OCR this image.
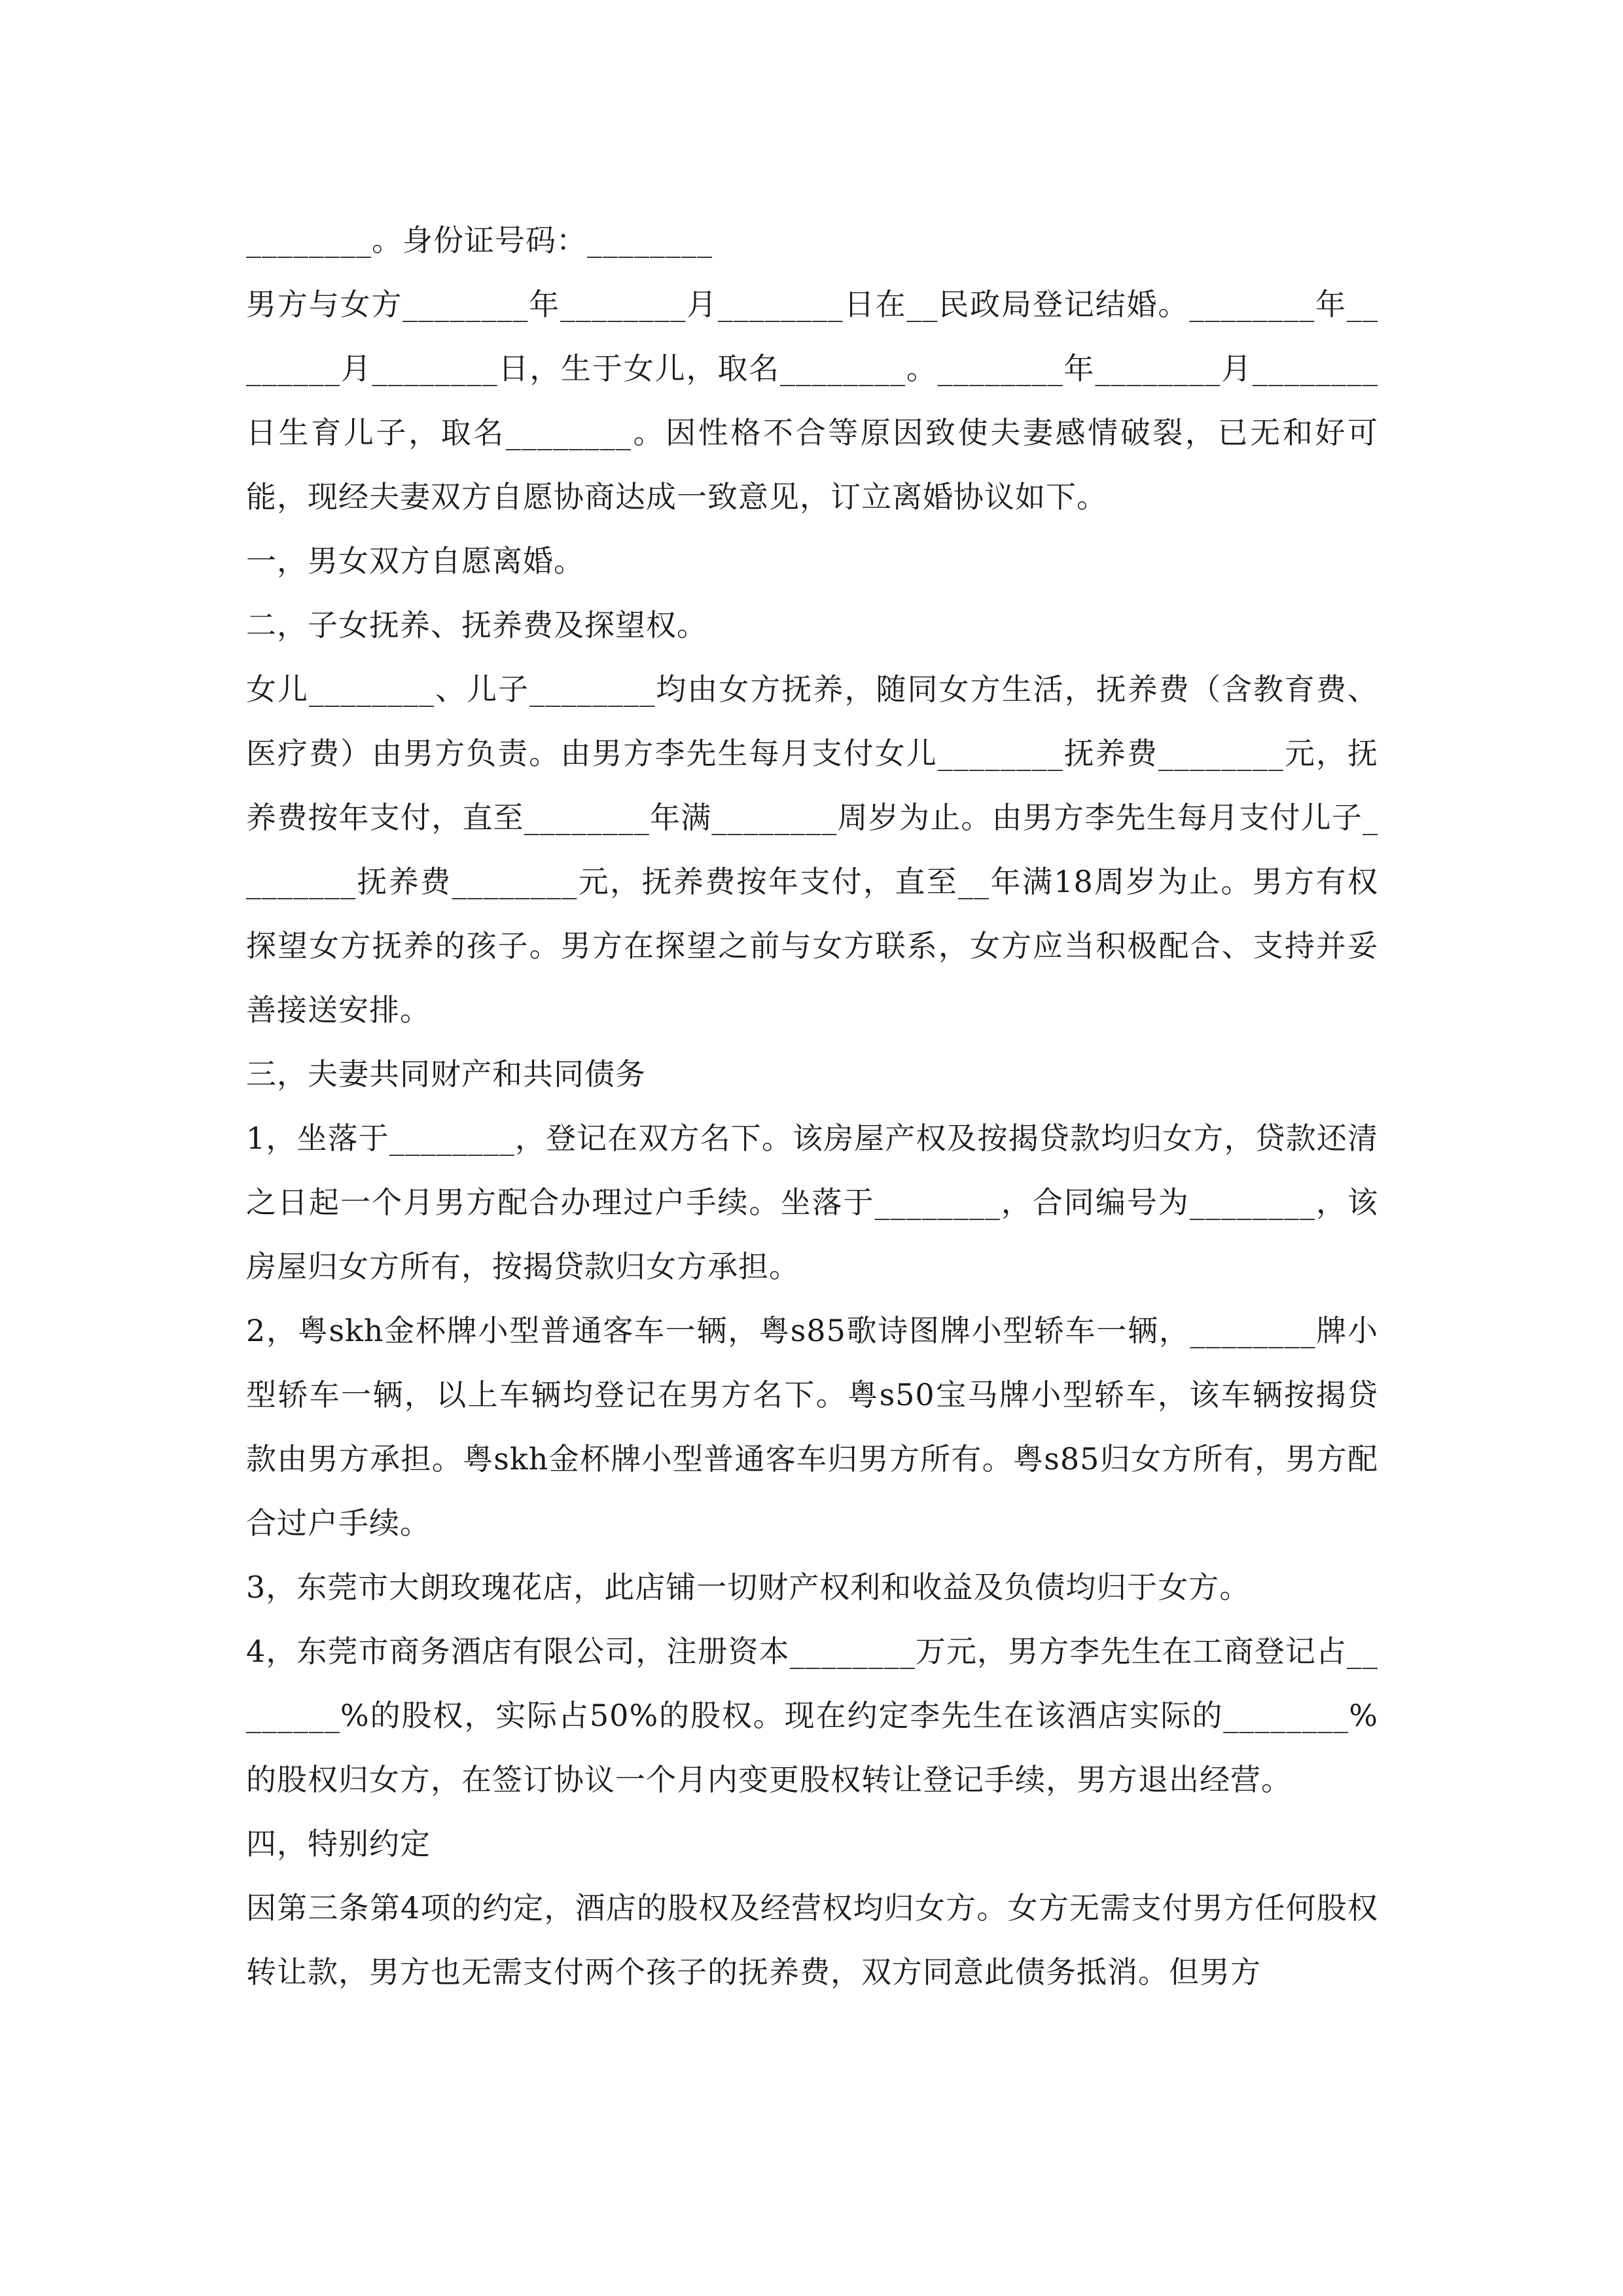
________。身份证号码：________

男方与女方________年________月________日在__民政局登记结婚。________年________月________日，生于女儿，取名________。________年________月________日生育儿子，取名________。因性格不合等原因致使夫妻感情破裂，已无和好可能，现经夫妻双方自愿协商达成一致意见，订立离婚协议如下。

一，男女双方自愿离婚。

二，子女抚养、抚养费及探望权。

女儿________、儿子________均由女方抚养，随同女方生活，抚养费（含教育费、医疗费）由男方负责。由男方李先生每月支付女儿________抚养费________元，抚养费按年支付，直至________年满________周岁为止。由男方李先生每月支付儿子________抚养费________元，抚养费按年支付，直至__年满18周岁为止。男方有权探望女方抚养的孩子。男方在探望之前与女方联系，女方应当积极配合、支持并妥善接送安排。

三，夫妻共同财产和共同债务

1，坐落于________，登记在双方名下。该房屋产权及按揭贷款均归女方，贷款还清之日起一个月男方配合办理过户手续。坐落于________，合同编号为________，该房屋归女方所有，按揭贷款归女方承担。

2，粤skh金杯牌小型普通客车一辆，粤s85歌诗图牌小型轿车一辆，________牌小型轿车一辆，以上车辆均登记在男方名下。粤s50宝马牌小型轿车，该车辆按揭贷款由男方承担。粤skh金杯牌小型普通客车归男方所有。粤s85归女方所有，男方配合过户手续。

3，东莞市大朗玫瑰花店，此店铺一切财产权利和收益及负债均归于女方。

4，东莞市商务酒店有限公司，注册资本________万元，男方李先生在工商登记占________%的股权，实际占50%的股权。现在约定李先生在该酒店实际的________%的股权归女方，在签订协议一个月内变更股权转让登记手续，男方退出经营。

四，特别约定

因第三条第4项的约定，酒店的股权及经营权均归女方。女方无需支付男方任何股权转让款，男方也无需支付两个孩子的抚养费，双方同意此债务抵消。但男方
